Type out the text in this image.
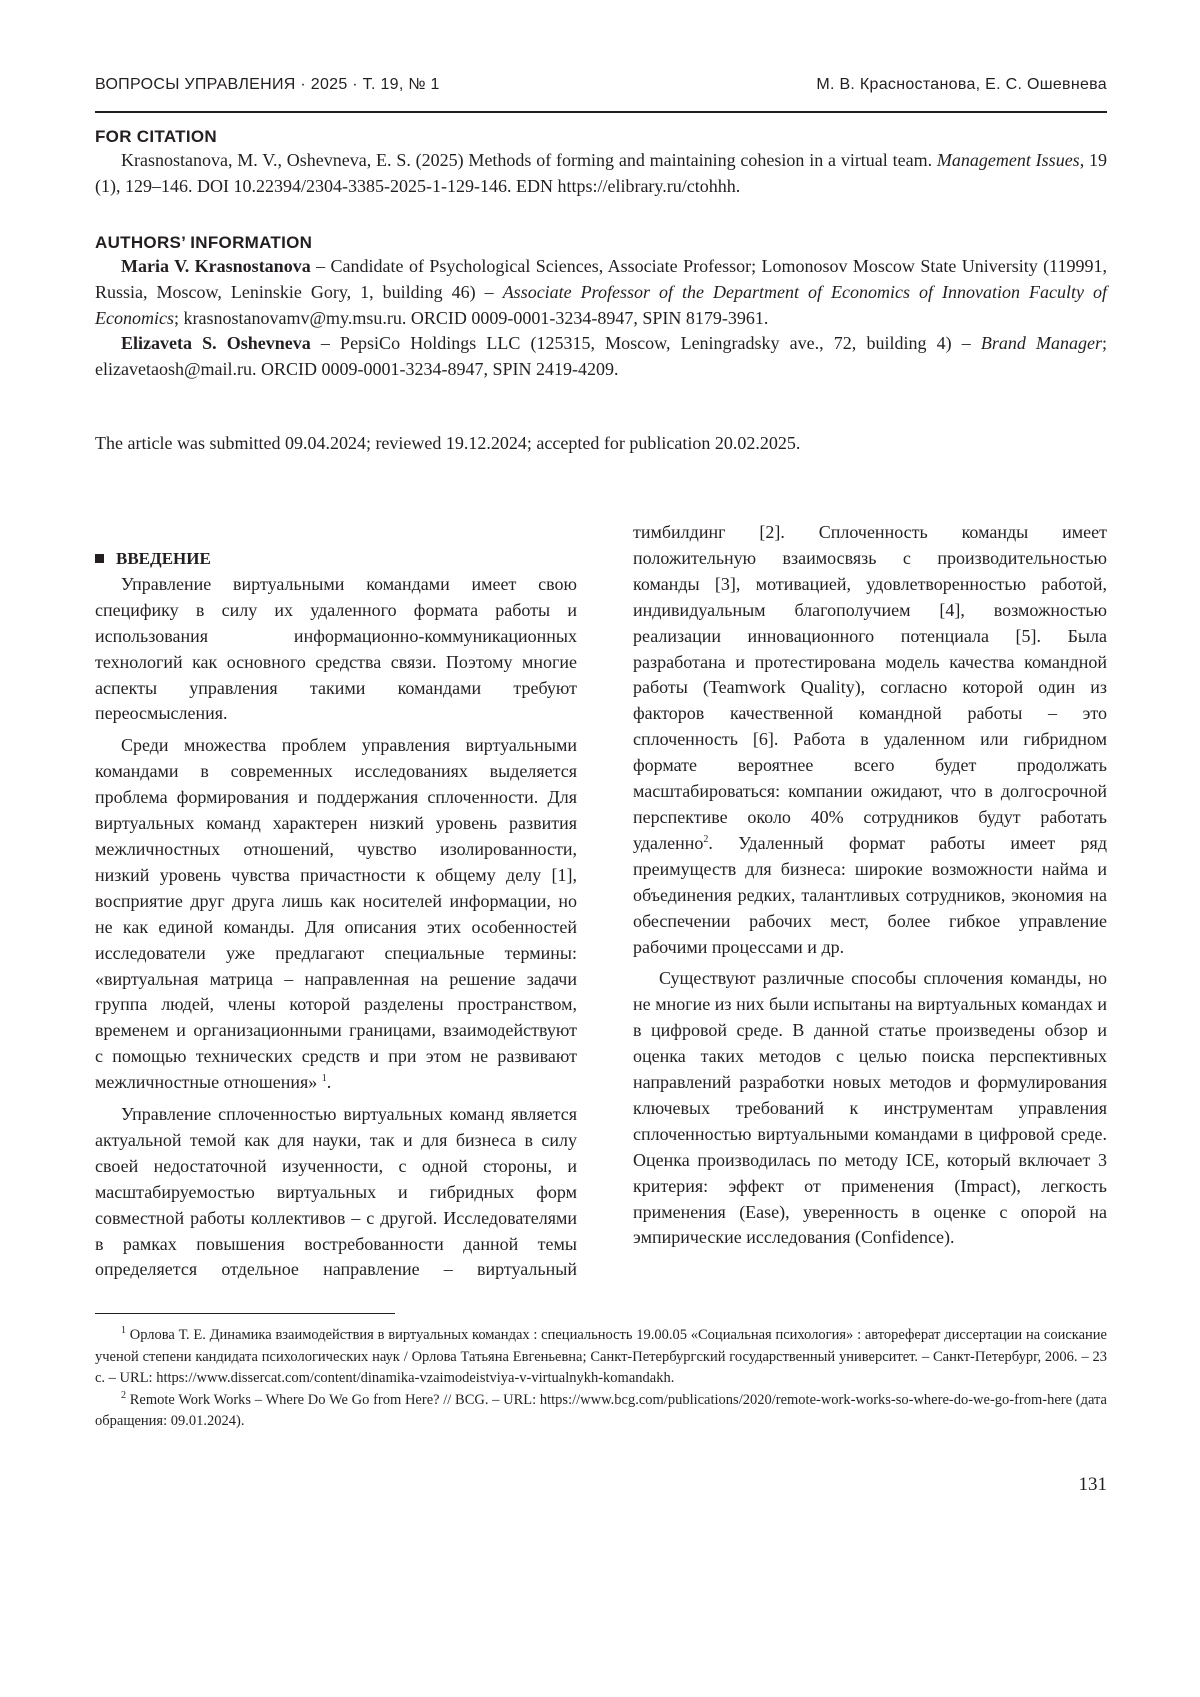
ВОПРОСЫ УПРАВЛЕНИЯ · 2025 · Т. 19, № 1	М. В. Красностанова, Е. С. Ошевнева
FOR CITATION

Krasnostanova, M. V., Oshevneva, E. S. (2025) Methods of forming and maintaining cohesion in a virtual team. Management Issues, 19 (1), 129–146. DOI 10.22394/2304-3385-2025-1-129-146. EDN https://elibrary.ru/ctohhh.

AUTHORS’ INFORMATION

Maria V. Krasnostanova – Candidate of Psychological Sciences, Associate Professor; Lomonosov Moscow State University (119991, Russia, Moscow, Leninskie Gory, 1, building 46) – Associate Professor of the Department of Economics of Innovation Faculty of Economics; krasnostanovamv@my.msu.ru. ORCID 0009-0001-3234-8947, SPIN 8179-3961.

Elizaveta S. Oshevneva – PepsiCo Holdings LLC (125315, Moscow, Leningradsky ave., 72, building 4) – Brand Manager; elizavetaosh@mail.ru. ORCID 0009-0001-3234-8947, SPIN 2419-4209.

The article was submitted 09.04.2024; reviewed 19.12.2024; accepted for publication 20.02.2025.
ВВЕДЕНИЕ

Управление виртуальными командами имеет свою специфику в силу их удаленного формата работы и использования информационно-коммуникационных технологий как основного средства связи. Поэтому многие аспекты управления такими командами требуют переосмысления.

Среди множества проблем управления виртуальными командами в современных исследованиях выделяется проблема формирования и поддержания сплоченности. Для виртуальных команд характерен низкий уровень развития межличностных отношений, чувство изолированности, низкий уровень чувства причастности к общему делу [1], восприятие друг друга лишь как носителей информации, но не как единой команды. Для описания этих особенностей исследователи уже предлагают специальные термины: «виртуальная матрица – направленная на решение задачи группа людей, члены которой разделены пространством, временем и организационными границами, взаимодействуют с помощью технических средств и при этом не развивают межличностные отношения» 1.

Управление сплоченностью виртуальных команд является актуальной темой как для науки, так и для бизнеса в силу своей недостаточной изученности, с одной стороны, и масштабируемостью виртуальных и гибридных форм совместной работы коллективов – с другой. Исследователями в рамках повышения востребованности данной темы определяется отдельное направление – виртуальный

тимбилдинг [2]. Сплоченность команды имеет положительную взаимосвязь с производительностью команды [3], мотивацией, удовлетворенностью работой, индивидуальным благополучием [4], возможностью реализации инновационного потенциала [5]. Была разработана и протестирована модель качества командной работы (Teamwork Quality), согласно которой один из факторов качественной командной работы – это сплоченность [6]. Работа в удаленном или гибридном формате вероятнее всего будет продолжать масштабироваться: компании ожидают, что в долгосрочной перспективе около 40% сотрудников будут работать удаленно2. Удаленный формат работы имеет ряд преимуществ для бизнеса: широкие возможности найма и объединения редких, талантливых сотрудников, экономия на обеспечении рабочих мест, более гибкое управление рабочими процессами и др.

Существуют различные способы сплочения команды, но не многие из них были испытаны на виртуальных командах и в цифровой среде. В данной статье произведены обзор и оценка таких методов с целью поиска перспективных направлений разработки новых методов и формулирования ключевых требований к инструментам управления сплоченностью виртуальными командами в цифровой среде. Оценка производилась по методу ICE, который включает 3 критерия: эффект от применения (Impact), легкость применения (Ease), уверенность в оценке с опорой на эмпирические исследования (Confidence).

1 Орлова Т. Е. Динамика взаимодействия в виртуальных командах : специальность 19.00.05 «Социальная психология» : автореферат диссертации на соискание ученой степени кандидата психологических наук / Орлова Татьяна Евгеньевна; Санкт-Петербургский государственный университет. – Санкт-Петербург, 2006. – 23 с. – URL: https://www.dissercat.com/content/dinamika-vzaimodeistviya-v-virtualnykh-komandakh.

2 Remote Work Works – Where Do We Go from Here? // BCG. – URL: https://www.bcg.com/publications/2020/remote-work-works-so-where-do-we-go-from-here (дата обращения: 09.01.2024).

131
